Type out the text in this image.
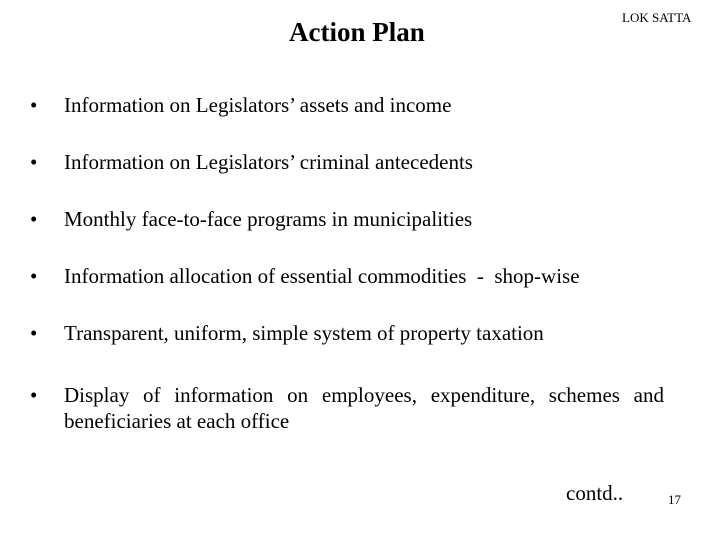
Action Plan	LOK SATTA
•	Information on Legislators’ assets and income
•	Information on Legislators’ criminal antecedents
•	Monthly face-to-face programs in municipalities
•	Information allocation of essential commodities  -  shop-wise
•	Transparent, uniform, simple system of property taxation
•	Display of information on employees, expenditure, schemes and beneficiaries at each office
contd..	17
